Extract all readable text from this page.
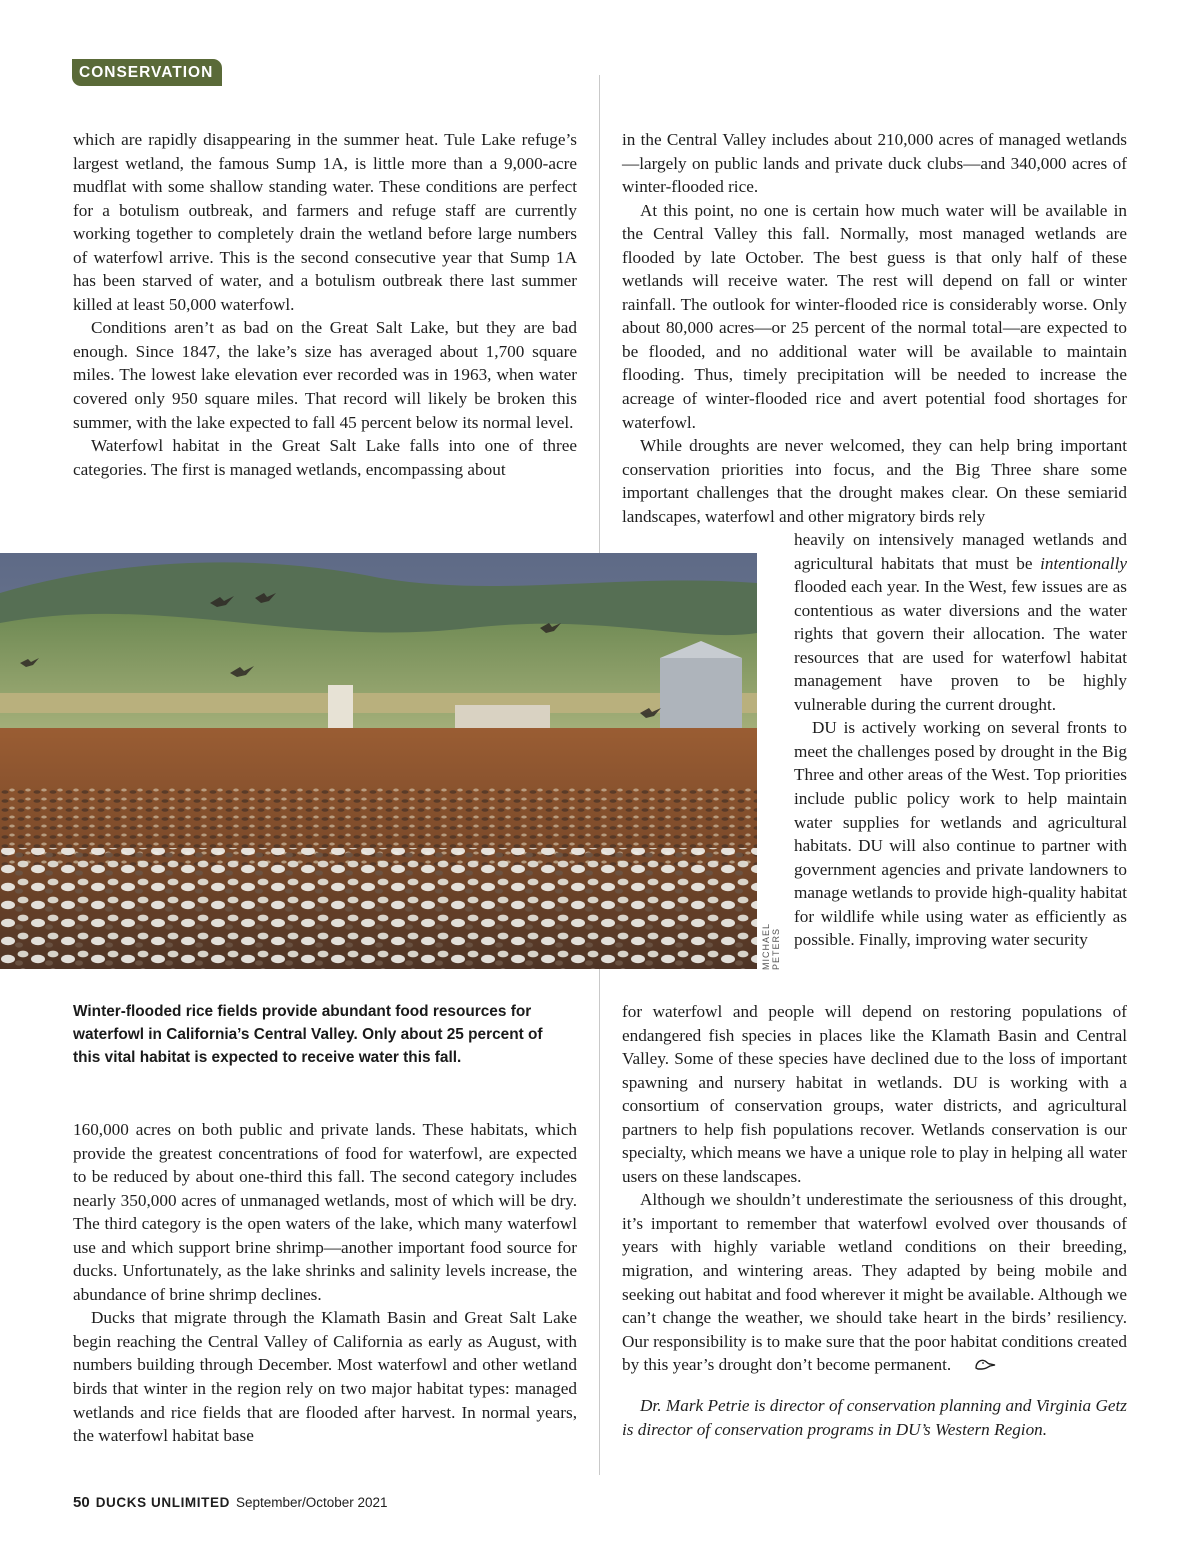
CONSERVATION

which are rapidly disappearing in the summer heat. Tule Lake refuge’s largest wetland, the famous Sump 1A, is little more than a 9,000-acre mudflat with some shallow standing water. These conditions are perfect for a botulism outbreak, and farmers and refuge staff are currently working together to completely drain the wetland before large numbers of waterfowl arrive. This is the second consecutive year that Sump 1A has been starved of water, and a botulism outbreak there last summer killed at least 50,000 waterfowl.

Conditions aren’t as bad on the Great Salt Lake, but they are bad enough. Since 1847, the lake’s size has averaged about 1,700 square miles. The lowest lake elevation ever recorded was in 1963, when water covered only 950 square miles. That record will likely be broken this summer, with the lake expected to fall 45 percent below its normal level.

Waterfowl habitat in the Great Salt Lake falls into one of three categories. The first is managed wetlands, encompassing about

MICHAEL PETERS
Winter-flooded rice fields provide abundant food resources for waterfowl in California’s Central Valley. Only about 25 percent of this vital habitat is expected to receive water this fall.

160,000 acres on both public and private lands. These habitats, which provide the greatest concentrations of food for waterfowl, are expected to be reduced by about one-third this fall. The second category includes nearly 350,000 acres of unmanaged wetlands, most of which will be dry. The third category is the open waters of the lake, which many waterfowl use and which support brine shrimp—another important food source for ducks. Unfortunately, as the lake shrinks and salinity levels increase, the abundance of brine shrimp declines.

Ducks that migrate through the Klamath Basin and Great Salt Lake begin reaching the Central Valley of California as early as August, with numbers building through December. Most waterfowl and other wetland birds that winter in the region rely on two major habitat types: managed wetlands and rice fields that are flooded after harvest. In normal years, the waterfowl habitat base

in the Central Valley includes about 210,000 acres of managed wetlands—largely on public lands and private duck clubs—and 340,000 acres of winter-flooded rice.

At this point, no one is certain how much water will be available in the Central Valley this fall. Normally, most managed wetlands are flooded by late October. The best guess is that only half of these wetlands will receive water. The rest will depend on fall or winter rainfall. The outlook for winter-flooded rice is considerably worse. Only about 80,000 acres—or 25 percent of the normal total—are expected to be flooded, and no additional water will be available to maintain flooding. Thus, timely precipitation will be needed to increase the acreage of winter-flooded rice and avert potential food shortages for waterfowl.

While droughts are never welcomed, they can help bring important conservation priorities into focus, and the Big Three share some important challenges that the drought makes clear. On these semiarid landscapes, waterfowl and other migratory birds rely

heavily on intensively managed wetlands and agricultural habitats that must be intentionally flooded each year. In the West, few issues are as contentious as water diversions and the water rights that govern their allocation. The water resources that are used for waterfowl habitat management have proven to be highly vulnerable during the current drought.

DU is actively working on several fronts to meet the challenges posed by drought in the Big Three and other areas of the West. Top priorities include public policy work to help maintain water supplies for wetlands and agricultural habitats. DU will also continue to partner with government agencies and private landowners to manage wetlands to provide high-quality habitat for wildlife while using water as efficiently as possible. Finally, improving water security

for waterfowl and people will depend on restoring populations of endangered fish species in places like the Klamath Basin and Central Valley. Some of these species have declined due to the loss of important spawning and nursery habitat in wetlands. DU is working with a consortium of conservation groups, water districts, and agricultural partners to help fish populations recover. Wetlands conservation is our specialty, which means we have a unique role to play in helping all water users on these landscapes.

Although we shouldn’t underestimate the seriousness of this drought, it’s important to remember that waterfowl evolved over thousands of years with highly variable wetland conditions on their breeding, migration, and wintering areas. They adapted by being mobile and seeking out habitat and food wherever it might be available. Although we can’t change the weather, we should take heart in the birds’ resiliency. Our responsibility is to make sure that the poor habitat conditions created by this year’s drought don’t become permanent.

Dr. Mark Petrie is director of conservation planning and Virginia Getz is director of conservation programs in DU’s Western Region.
50 DUCKS UNLIMITED September/October 2021
